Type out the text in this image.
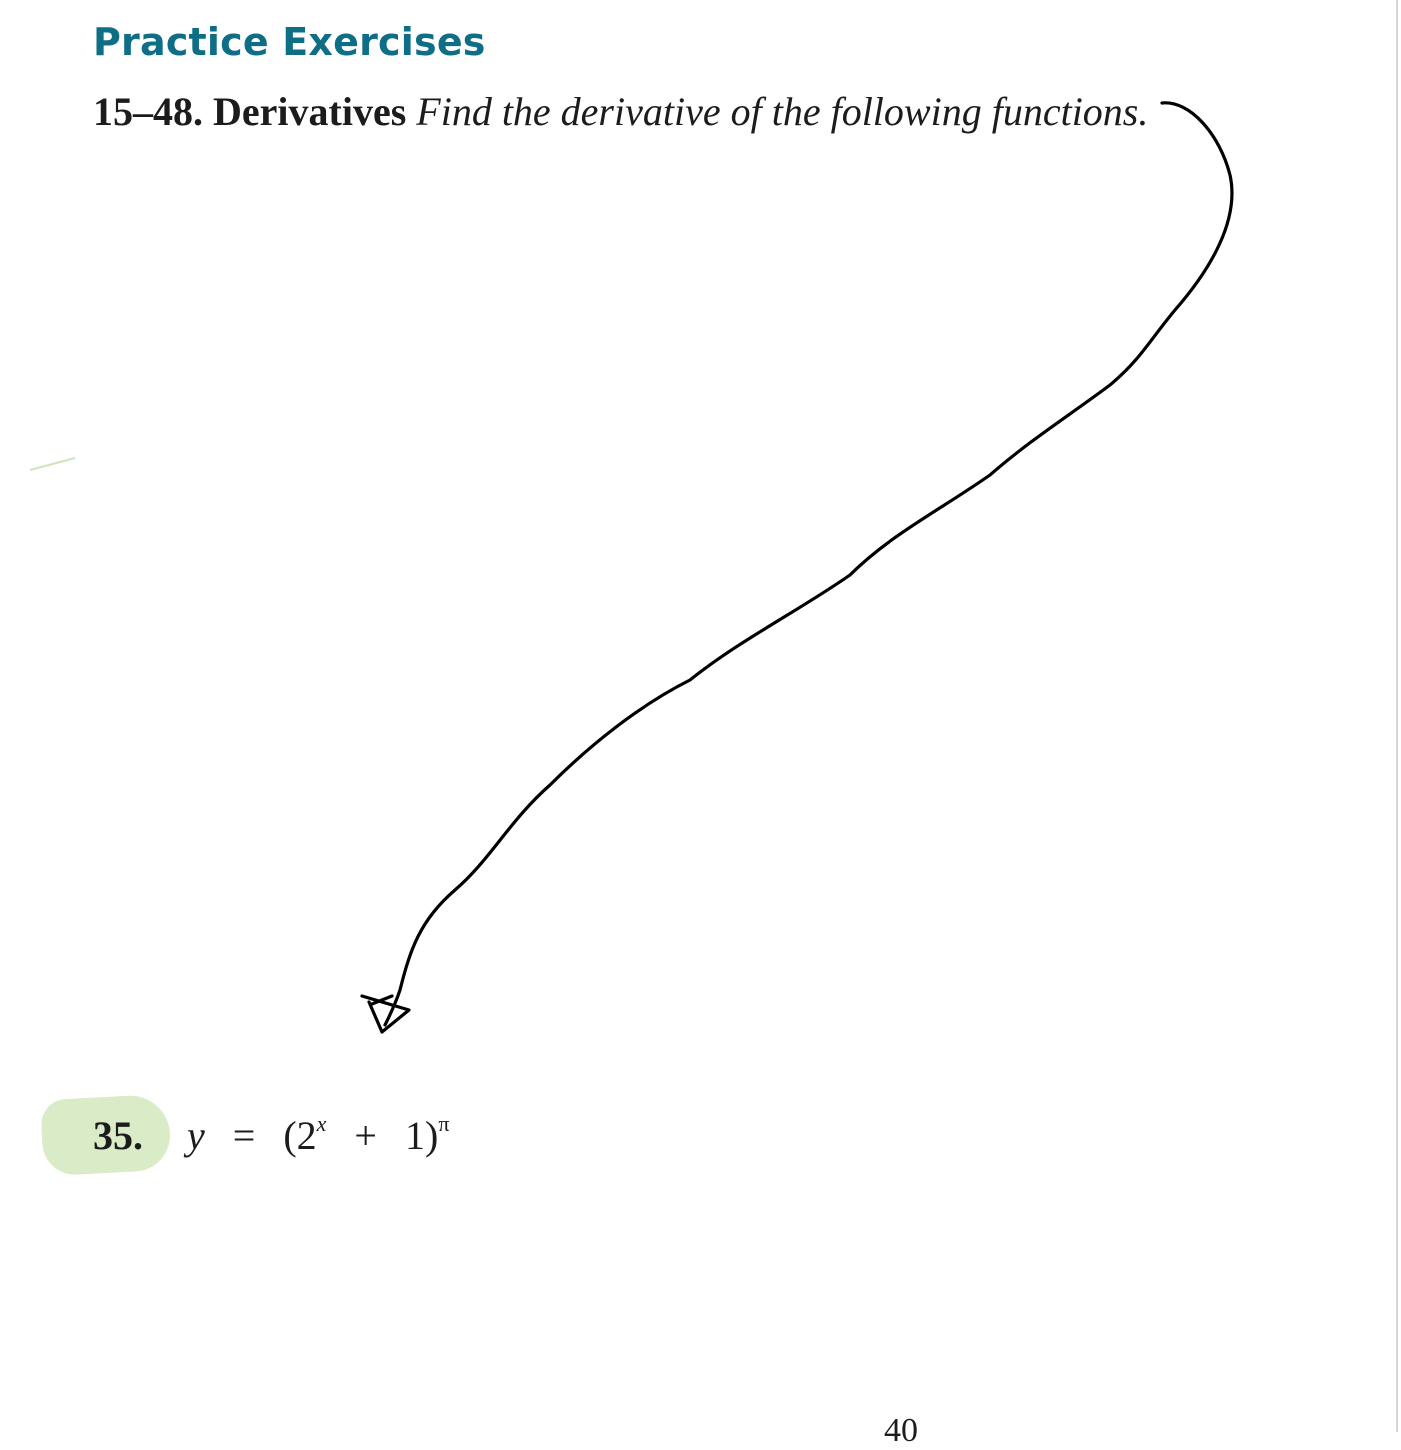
Practice Exercises
15–48. Derivatives Find the derivative of the following functions.
35. $y = (2^x + 1)^\pi$
40
